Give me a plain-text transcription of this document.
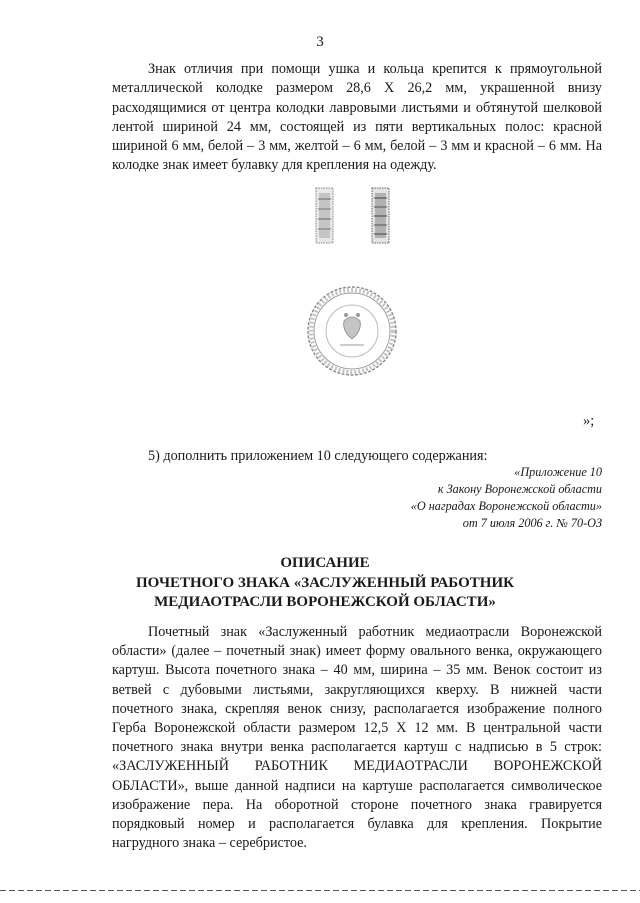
3

Знак отличия при помощи ушка и кольца крепится к прямоугольной металлической колодке размером 28,6 Х 26,2 мм, украшенной внизу расходящимися от центра колодки лавровыми листьями и обтянутой шелковой лентой шириной 24 мм, состоящей из пяти вертикальных полос: красной шириной 6 мм, белой – 3 мм, желтой – 6 мм, белой – 3 мм и красной – 6 мм. На колодке знак имеет булавку для крепления на одежду.

»;
5) дополнить приложением 10 следующего содержания:
«Приложение 10
к Закону Воронежской области
«О наградах Воронежской области»
от 7 июля 2006 г. № 70-ОЗ
ОПИСАНИЕ
ПОЧЕТНОГО ЗНАКА «ЗАСЛУЖЕННЫЙ РАБОТНИК
МЕДИАОТРАСЛИ ВОРОНЕЖСКОЙ ОБЛАСТИ»

Почетный знак «Заслуженный работник медиаотрасли Воронежской области» (далее – почетный знак) имеет форму овального венка, окружающего картуш. Высота почетного знака – 40 мм, ширина – 35 мм. Венок состоит из ветвей с дубовыми листьями, закругляющихся кверху. В нижней части почетного знака, скрепляя венок снизу, располагается изображение полного Герба Воронежской области размером 12,5 Х 12 мм. В центральной части почетного знака внутри венка располагается картуш с надписью в 5 строк: «ЗАСЛУЖЕННЫЙ РАБОТНИК МЕДИАОТРАСЛИ ВОРОНЕЖСКОЙ ОБЛАСТИ», выше данной надписи на картуше располагается символическое изображение пера. На оборотной стороне почетного знака гравируется порядковый номер и располагается булавка для крепления. Покрытие нагрудного знака – серебристое.
